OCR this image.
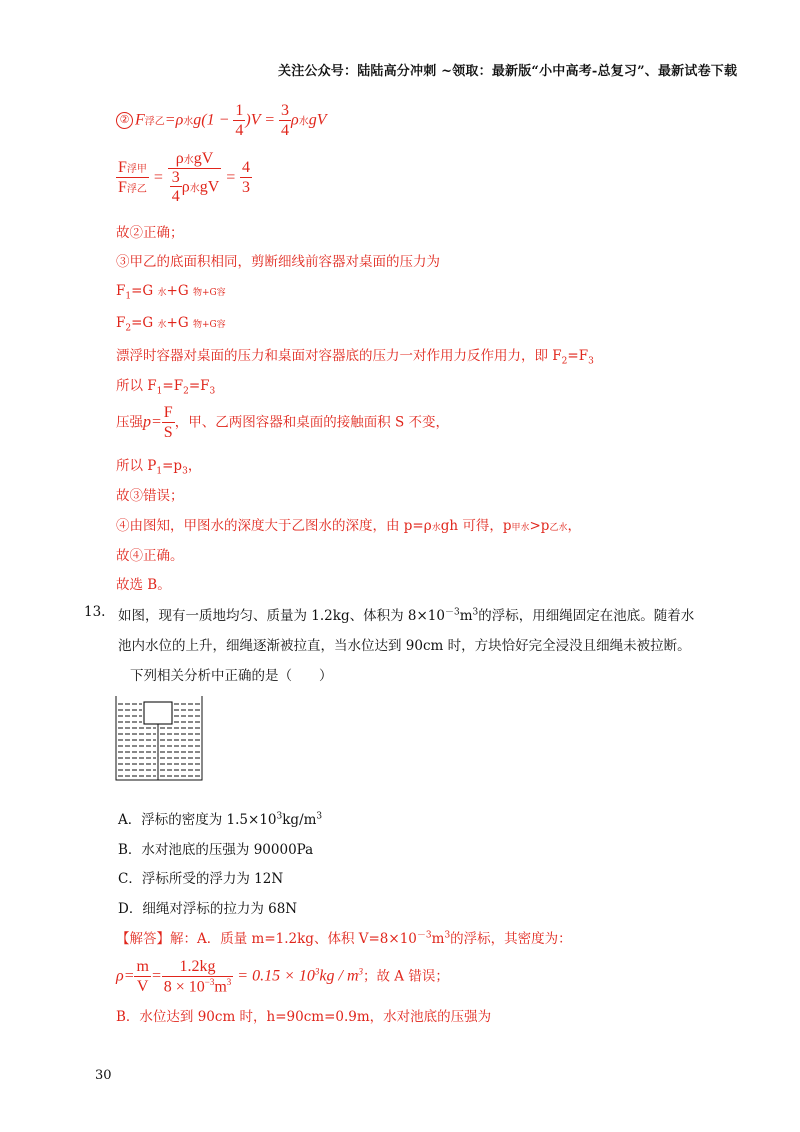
关注公众号：陆陆高分冲刺 ~领取：最新版“小中高考-总复习”、最新试卷下载
② F浮乙=ρ水$g(1 - \frac{1}{4} )V = \frac{3}{4}$ ρ水gV
$\frac{\text{F浮甲}}{\text{F浮乙}} = \frac{\text{ρ水gV}}{\frac{3}{4} \rho 水gV} = \frac{4}{3}$
故②正确；
③甲乙的底面积相同，剪断细线前容器对桌面的压力为
$F_1=G$ 水+G 物+G容
$F_2=G$ 水+G 物+G容
漂浮时容器对桌面的压力和桌面对容器底的压力一对作用力反作用力，即 $F_2=F_3$
所以 $F_1=F_2=F_3$
压强$p= \frac{F}{S}$ ，甲、乙两图容器和桌面的接触面积 S 不变，
所以 $P_1=p_3$，
故③错误；
④由图知，甲图水的深度大于乙图水的深度，由 p=ρ水gh 可得，p甲水>p乙水，
故④正确。
故选 B。
13. 如图，现有一质地均匀、质量为 1.2kg、体积为 $8\times 10^{-3}m^3$的浮标，用细绳固定在池底。随着水
池内水位的上升，细绳逐渐被拉直，当水位达到 90cm 时，方块恰好完全浸没且细绳未被拉断。
下列相关分析中正确的是（　　）
A．浮标的密度为 $1.5\times 10^3kg/m^3$
B．水对池底的压强为 90000Pa
C．浮标所受的浮力为 12N
D．细绳对浮标的拉力为 68N
【解答】解：A．质量 m=1.2kg、体积 $V=8\times 10^{-3}m^3$的浮标，其密度为：
$\rho= \frac{m}{V} = \frac{1.2kg}{8 \times 10^{-3}m^3} = 0.15 \times 10^3kg / m^3$；故 A 错误；
B．水位达到 90cm 时，h=90cm=0.9m，水对池底的压强为
30
